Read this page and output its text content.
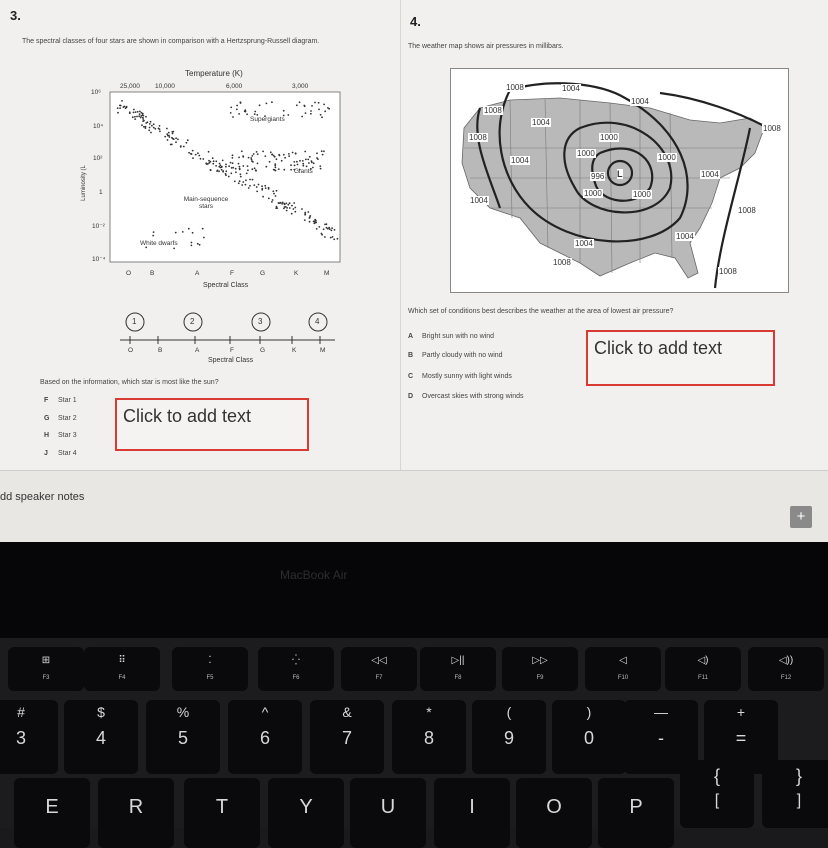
3.
The spectral classes of four stars are shown in comparison with a Hertzsprung-Russell diagram.
Temperature (K)
25,000 10,000	6,000	3,000
10⁶
10⁴
10²
1
10⁻²
10⁻⁴
Luminosity (L
Supergiants
Giants
Main-sequence stars
White dwarfs
O	B	A	F	G	K	M
Spectral Class
1	2	3	4
O	B	A	F	G	K	M
Spectral Class
Based on the information, which star is most like the sun?
F Star 1
G Star 2
H Star 3
J Star 4
Click to add text
4.
The weather map shows air pressures in millibars.
1008	1004
1004
1008
1004
1008
1008
1004
1000
1000	1000
996
1000	1000
1004
1004
1008
1004
1004
1008
1008
L
Which set of conditions best describes the weather at the area of lowest air pressure?
A Bright sun with no wind
B Partly cloudy with no wind
C Mostly sunny with light winds
D Overcast skies with strong winds
Click to add text
dd speaker notes
+
MacBook Air
⊞
F3
⠿
F4
⁚
F5
⁛
F6
◁◁
F7
▷||
F8
▷▷
F9
◁
F10
◁)
F11
◁))
F12
#
3
$
4
%
5
^
6
&
7
*
8
(
9
)
0
—
-
+
=
E	R	T	Y	U	I	O	P
{
[
}
]
